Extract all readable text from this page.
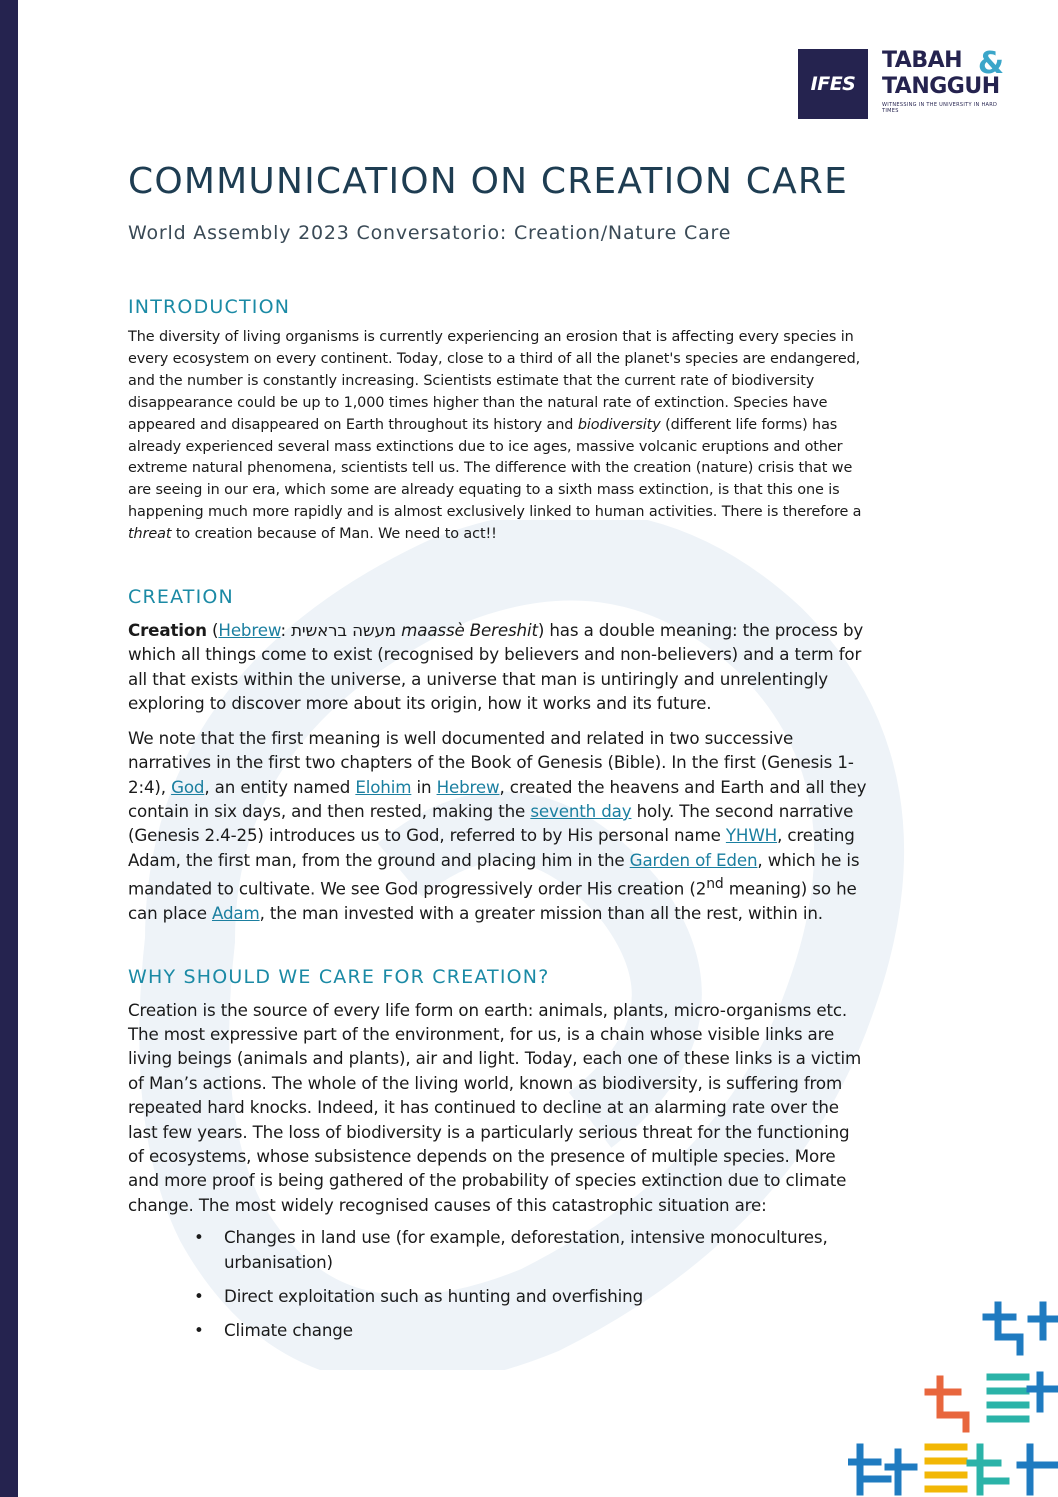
IFES
TABAH
TANGGUH
&
WITNESSING IN THE UNIVERSITY IN HARD TIMES
COMMUNICATION ON CREATION CARE
World Assembly 2023 Conversatorio: Creation/Nature Care
INTRODUCTION

The diversity of living organisms is currently experiencing an erosion that is affecting every species in every ecosystem on every continent. Today, close to a third of all the planet's species are endangered, and the number is constantly increasing. Scientists estimate that the current rate of biodiversity disappearance could be up to 1,000 times higher than the natural rate of extinction. Species have appeared and disappeared on Earth throughout its history and biodiversity (different life forms) has already experienced several mass extinctions due to ice ages, massive volcanic eruptions and other extreme natural phenomena, scientists tell us. The difference with the creation (nature) crisis that we are seeing in our era, which some are already equating to a sixth mass extinction, is that this one is happening much more rapidly and is almost exclusively linked to human activities. There is therefore a threat to creation because of Man. We need to act!!

CREATION

Creation (Hebrew: מעשה בראשית maassè Bereshit) has a double meaning: the process by which all things come to exist (recognised by believers and non-believers) and a term for all that exists within the universe, a universe that man is untiringly and unrelentingly exploring to discover more about its origin, how it works and its future.

We note that the first meaning is well documented and related in two successive narratives in the first two chapters of the Book of Genesis (Bible). In the first (Genesis 1-2:4), God, an entity named Elohim in Hebrew, created the heavens and Earth and all they contain in six days, and then rested, making the seventh day holy. The second narrative (Genesis 2.4-25) introduces us to God, referred to by His personal name YHWH, creating Adam, the first man, from the ground and placing him in the Garden of Eden, which he is mandated to cultivate. We see God progressively order His creation (2nd meaning) so he can place Adam, the man invested with a greater mission than all the rest, within in.

WHY SHOULD WE CARE FOR CREATION?

Creation is the source of every life form on earth: animals, plants, micro-organisms etc. The most expressive part of the environment, for us, is a chain whose visible links are living beings (animals and plants), air and light. Today, each one of these links is a victim of Man’s actions. The whole of the living world, known as biodiversity, is suffering from repeated hard knocks. Indeed, it has continued to decline at an alarming rate over the last few years. The loss of biodiversity is a particularly serious threat for the functioning of ecosystems, whose subsistence depends on the presence of multiple species. More and more proof is being gathered of the probability of species extinction due to climate change. The most widely recognised causes of this catastrophic situation are:

• Changes in land use (for example, deforestation, intensive monocultures, urbanisation)
• Direct exploitation such as hunting and overfishing
• Climate change
